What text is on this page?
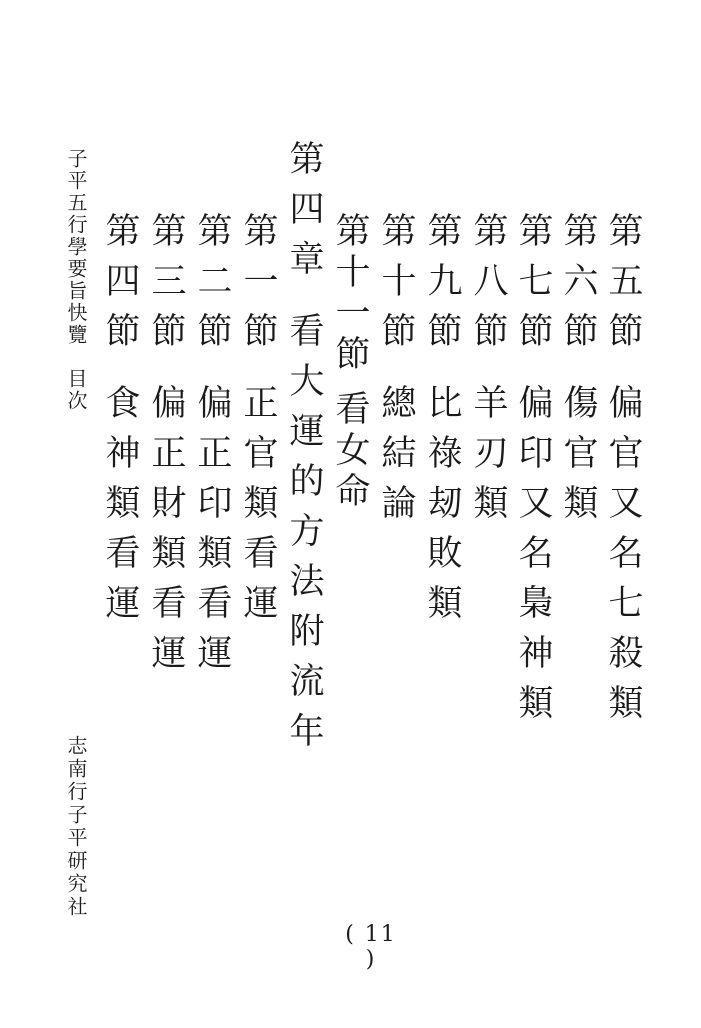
第五節偏官又名七殺類
第六節傷官類
第七節偏印又名梟神類
第八節羊刃類
第九節比祿刼敗類
第十節總結論
第十一節看女命
第四章看大運的方法附流年
第一節正官類看運
第二節偏正印類看運
第三節偏正財類看運
第四節食神類看運
子平五行學要旨快覽目次
志南行子平研究社
( 11 )
